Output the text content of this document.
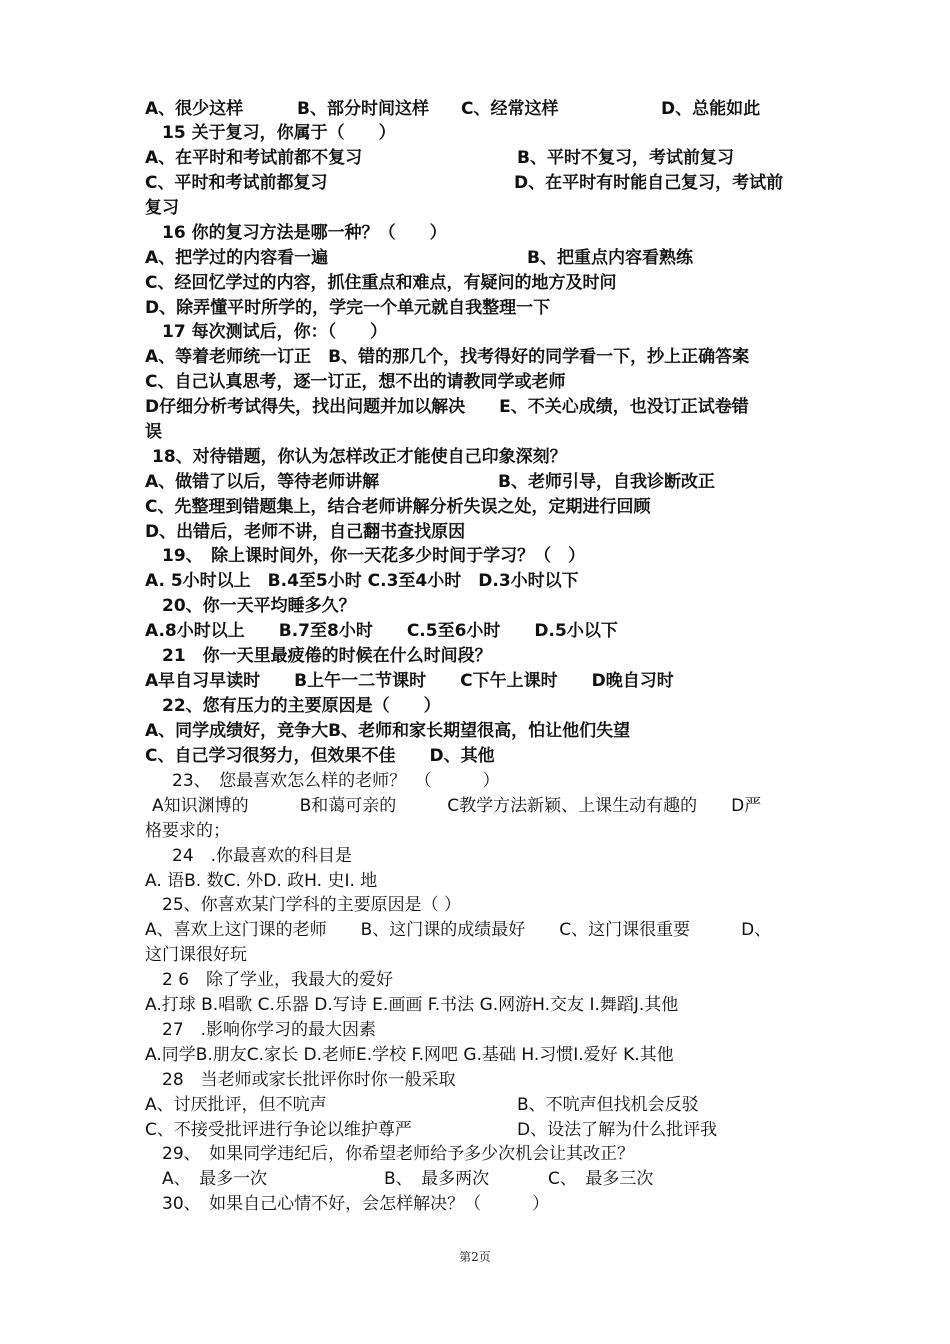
A、很少这样	B、部分时间这样 C、经常这样	D、总能如此
15 关于复习，你属于（　　）
A、在平时和考试前都不复习	B、平时不复习，考试前复习
C、平时和考试前都复习	D、在平时有时能自己复习，考试前
复习
16 你的复习方法是哪一种？（　　）
A、把学过的内容看一遍	B、把重点内容看熟练
C、经回忆学过的内容，抓住重点和难点，有疑问的地方及时问
D、除弄懂平时所学的，学完一个单元就自我整理一下
17 每次测试后，你：（　　）
A、等着老师统一订正　B、错的那几个，找考得好的同学看一下，抄上正确答案
C、自己认真思考，逐一订正，想不出的请教同学或老师
D仔细分析考试得失，找出问题并加以解决　　E、不关心成绩，也没订正试卷错
误
18、对待错题，你认为怎样改正才能使自己印象深刻？
A、做错了以后，等待老师讲解	B、老师引导，自我诊断改正
C、先整理到错题集上，结合老师讲解分析失误之处，定期进行回顾
D、出错后，老师不讲，自己翻书查找原因
19、　除上课时间外，你一天花多少时间于学习？（　）
A. 5小时以上　B.4至5小时 C.3至4小时　D.3小时以下
20、你一天平均睡多久？
A.8小时以上　　B.7至8小时　　C.5至6小时　　D.5小以下
21　你一天里最疲倦的时候在什么时间段？
A早自习早读时　　B上午一二节课时　　C下午上课时　　D晚自习时
22、您有压力的主要原因是（　　）
A、同学成绩好，竞争大B、老师和家长期望很高，怕让他们失望
C、自己学习很努力，但效果不佳　　D、其他
23、　您最喜欢怎么样的老师？　（　　　）
A知识渊博的　　　B和蔼可亲的　　　C教学方法新颖、上课生动有趣的　　D严
格要求的；
24　.你最喜欢的科目是
A. 语B. 数C. 外D. 政H. 史I. 地
25、你喜欢某门学科的主要原因是（ ）
A、喜欢上这门课的老师　　B、这门课的成绩最好　　C、这门课很重要　　　D、
这门课很好玩
2 6　除了学业，我最大的爱好
A.打球 B.唱歌 C.乐器 D.写诗 E.画画 F.书法 G.网游H.交友 I.舞蹈J.其他
27　.影响你学习的最大因素
A.同学B.朋友C.家长 D.老师E.学校 F.网吧 G.基础 H.习惯I.爱好 K.其他
28　当老师或家长批评你时你一般采取
A、讨厌批评，但不吭声	B、不吭声但找机会反驳
C、不接受批评进行争论以维护尊严	D、设法了解为什么批评我
29、　如果同学违纪后，你希望老师给予多少次机会让其改正？
A、　最多一次	B、　最多两次	C、　最多三次
30、　如果自己心情不好，会怎样解决？（　　　）
第2页
